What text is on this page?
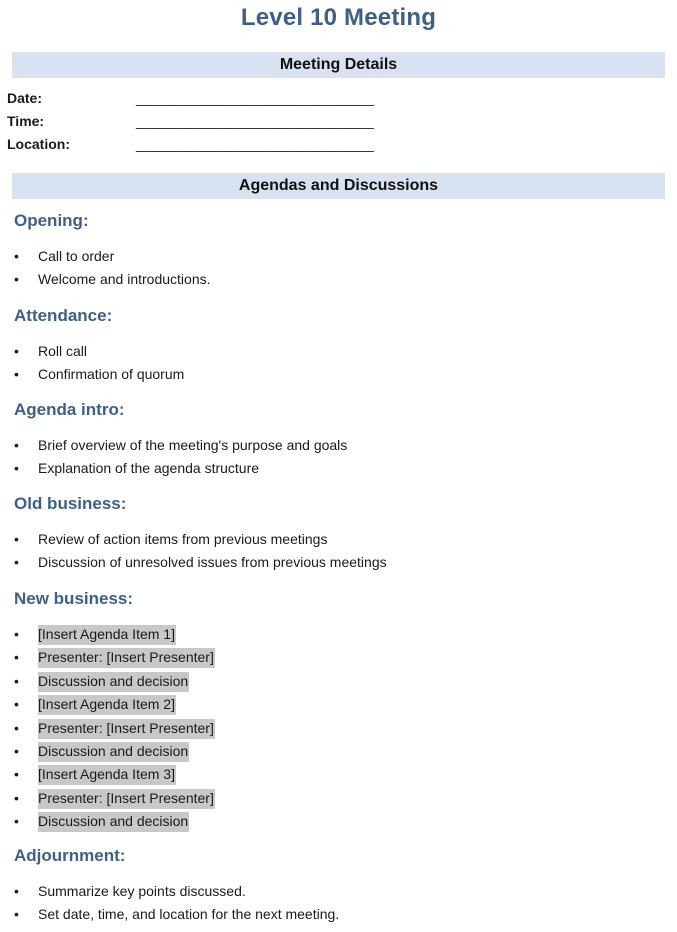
Level 10 Meeting
Meeting Details
Date:	_________________________________
Time:	_________________________________
Location:	_________________________________
Agendas and Discussions
Opening:
• Call to order
• Welcome and introductions.
Attendance:
• Roll call
• Confirmation of quorum
Agenda intro:
• Brief overview of the meeting's purpose and goals
• Explanation of the agenda structure
Old business:
• Review of action items from previous meetings
• Discussion of unresolved issues from previous meetings
New business:
• [Insert Agenda Item 1]
• Presenter: [Insert Presenter]
• Discussion and decision
• [Insert Agenda Item 2]
• Presenter: [Insert Presenter]
• Discussion and decision
• [Insert Agenda Item 3]
• Presenter: [Insert Presenter]
• Discussion and decision
Adjournment:
• Summarize key points discussed.
• Set date, time, and location for the next meeting.
